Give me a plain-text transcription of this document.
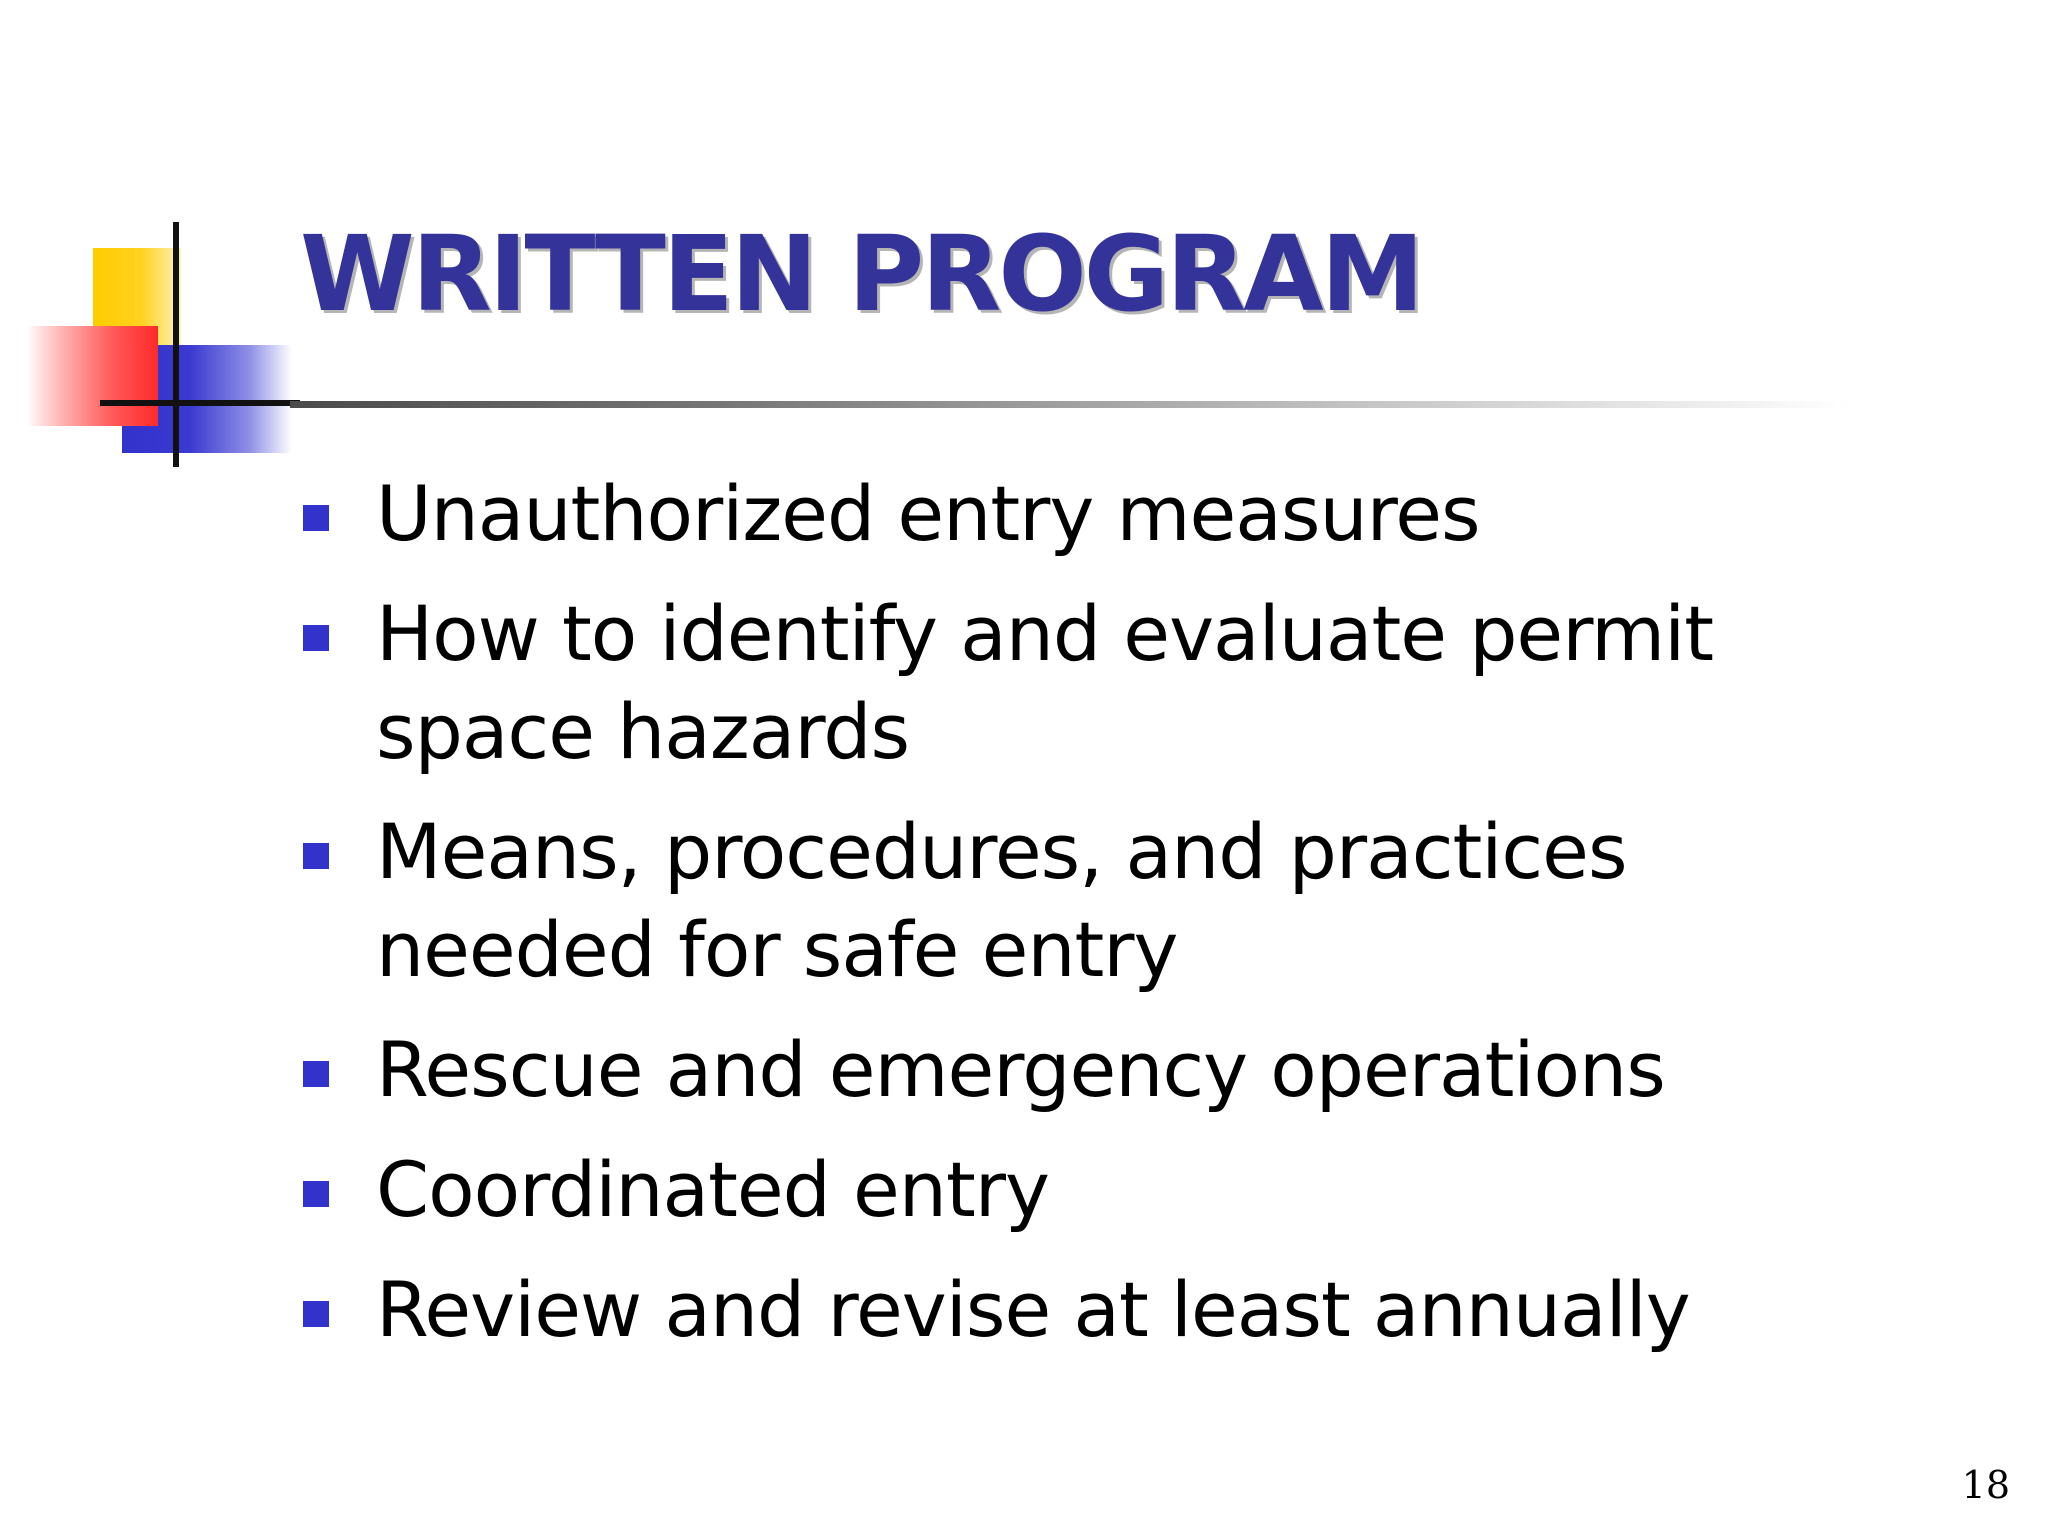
WRITTEN PROGRAM
Unauthorized entry measures
How to identify and evaluate permit space hazards
Means, procedures, and practices needed for safe entry
Rescue and emergency operations
Coordinated entry
Review and revise at least annually
18
